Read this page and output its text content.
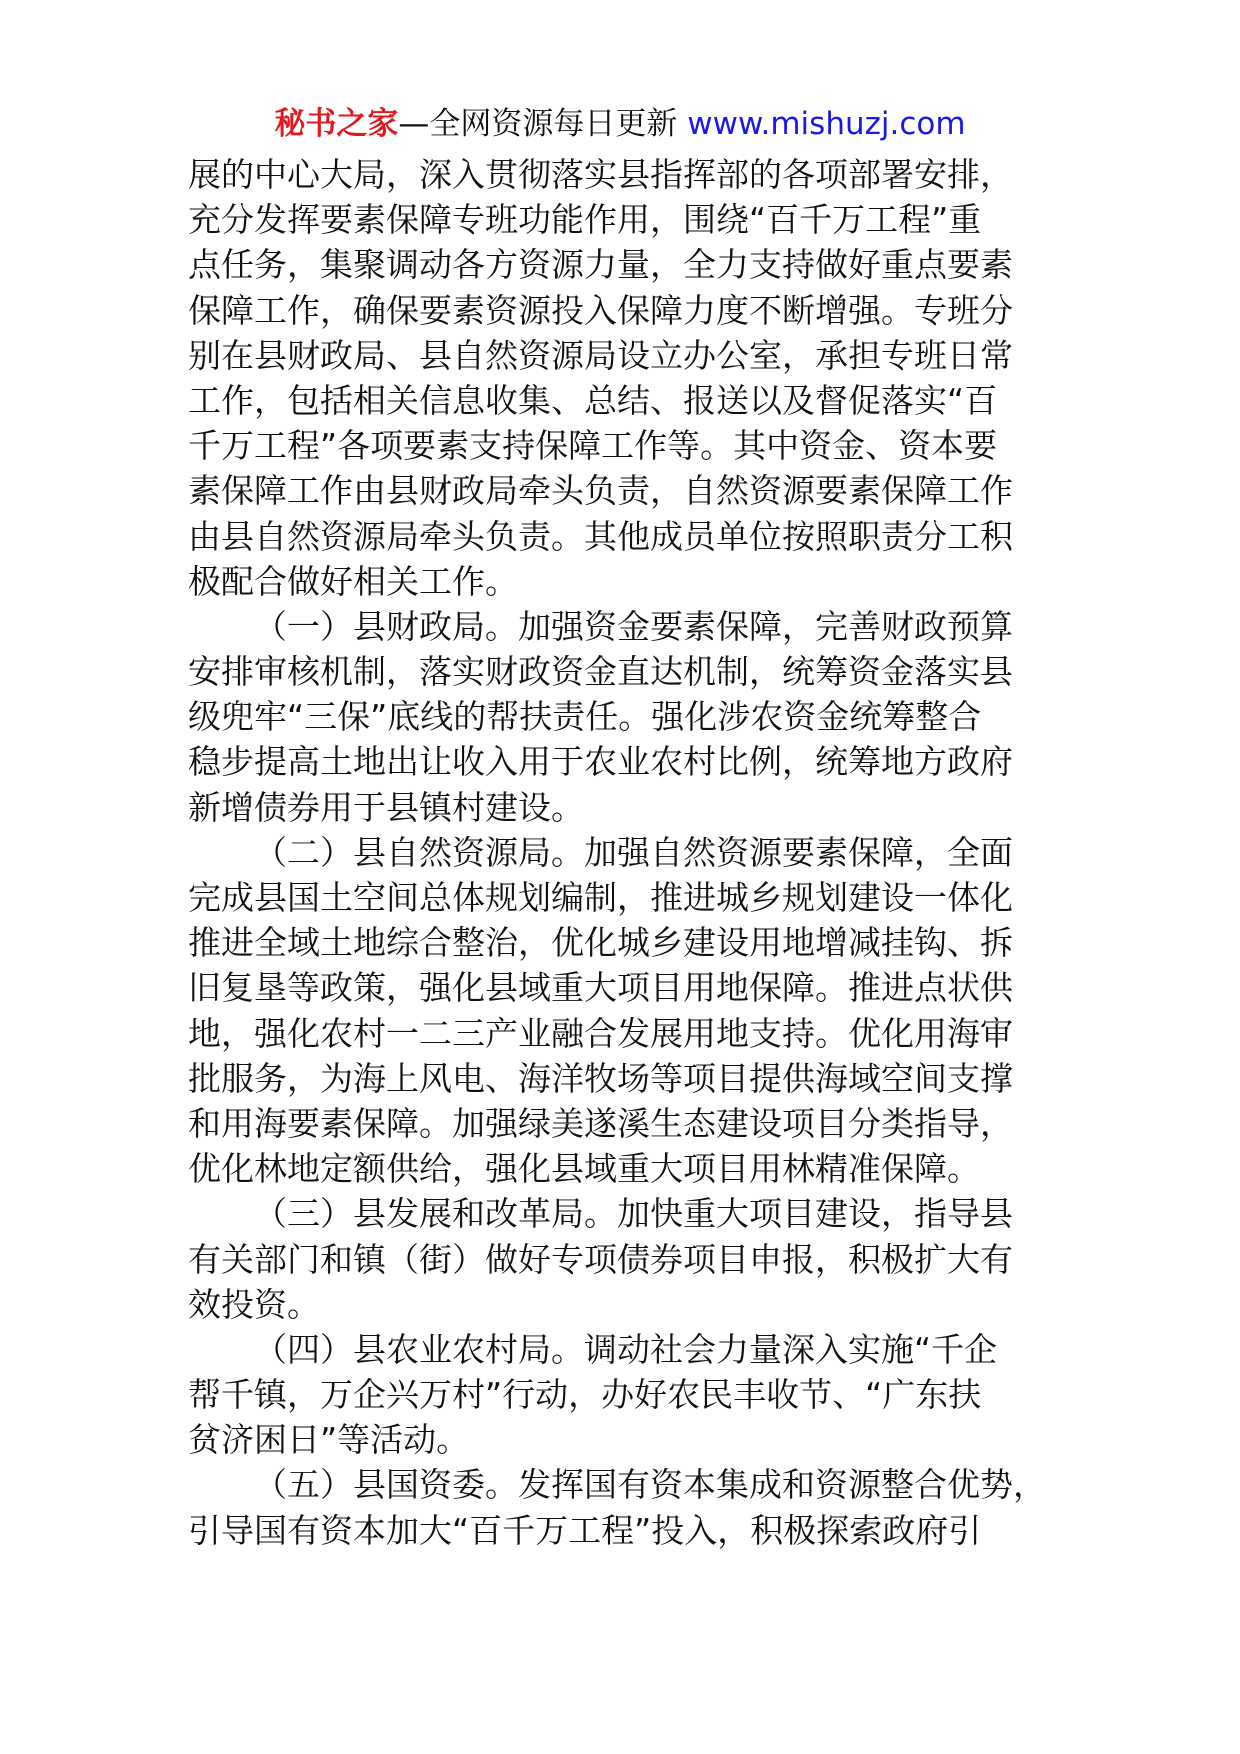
秘书之家—全网资源每日更新 www.mishuzj.com
展的中心大局，深入贯彻落实县指挥部的各项部署安排，
充分发挥要素保障专班功能作用，围绕“百千万工程”重
点任务，集聚调动各方资源力量，全力支持做好重点要素
保障工作，确保要素资源投入保障力度不断增强。专班分
别在县财政局、县自然资源局设立办公室，承担专班日常
工作，包括相关信息收集、总结、报送以及督促落实“百
千万工程”各项要素支持保障工作等。其中资金、资本要
素保障工作由县财政局牵头负责，自然资源要素保障工作
由县自然资源局牵头负责。其他成员单位按照职责分工积
极配合做好相关工作。
（一）县财政局。加强资金要素保障，完善财政预算
安排审核机制，落实财政资金直达机制，统筹资金落实县
级兜牢“三保”底线的帮扶责任。强化涉农资金统筹整合
稳步提高土地出让收入用于农业农村比例，统筹地方政府
新增债券用于县镇村建设。
（二）县自然资源局。加强自然资源要素保障，全面
完成县国土空间总体规划编制，推进城乡规划建设一体化
推进全域土地综合整治，优化城乡建设用地增减挂钩、拆
旧复垦等政策，强化县域重大项目用地保障。推进点状供
地，强化农村一二三产业融合发展用地支持。优化用海审
批服务，为海上风电、海洋牧场等项目提供海域空间支撑
和用海要素保障。加强绿美遂溪生态建设项目分类指导，
优化林地定额供给，强化县域重大项目用林精准保障。
（三）县发展和改革局。加快重大项目建设，指导县
有关部门和镇（街）做好专项债券项目申报，积极扩大有
效投资。
（四）县农业农村局。调动社会力量深入实施“千企
帮千镇，万企兴万村”行动，办好农民丰收节、“广东扶
贫济困日”等活动。
（五）县国资委。发挥国有资本集成和资源整合优势，
引导国有资本加大“百千万工程”投入，积极探索政府引
